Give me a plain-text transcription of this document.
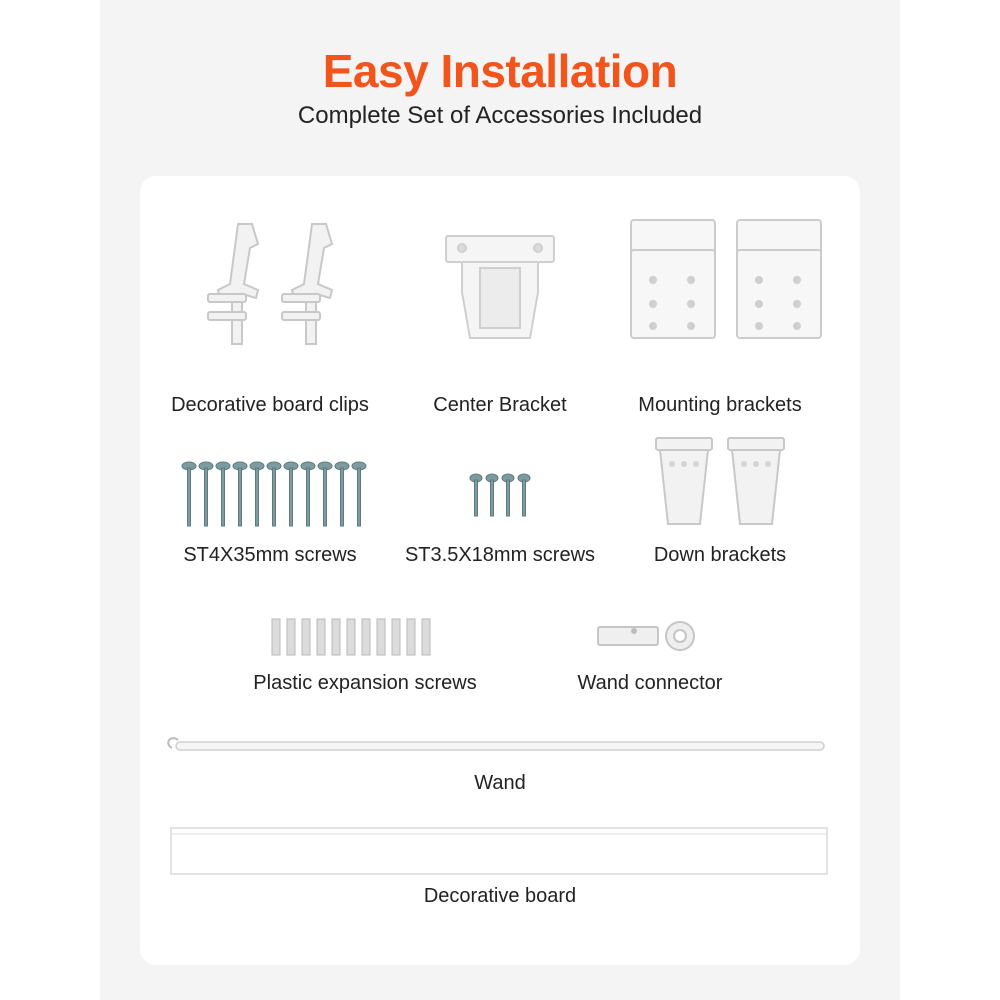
Easy Installation
Complete Set of Accessories Included
Decorative board clips	Center Bracket	Mounting brackets
ST4X35mm screws	ST3.5X18mm screws	Down brackets
Plastic expansion screws	Wand connector
Wand
Decorative board
